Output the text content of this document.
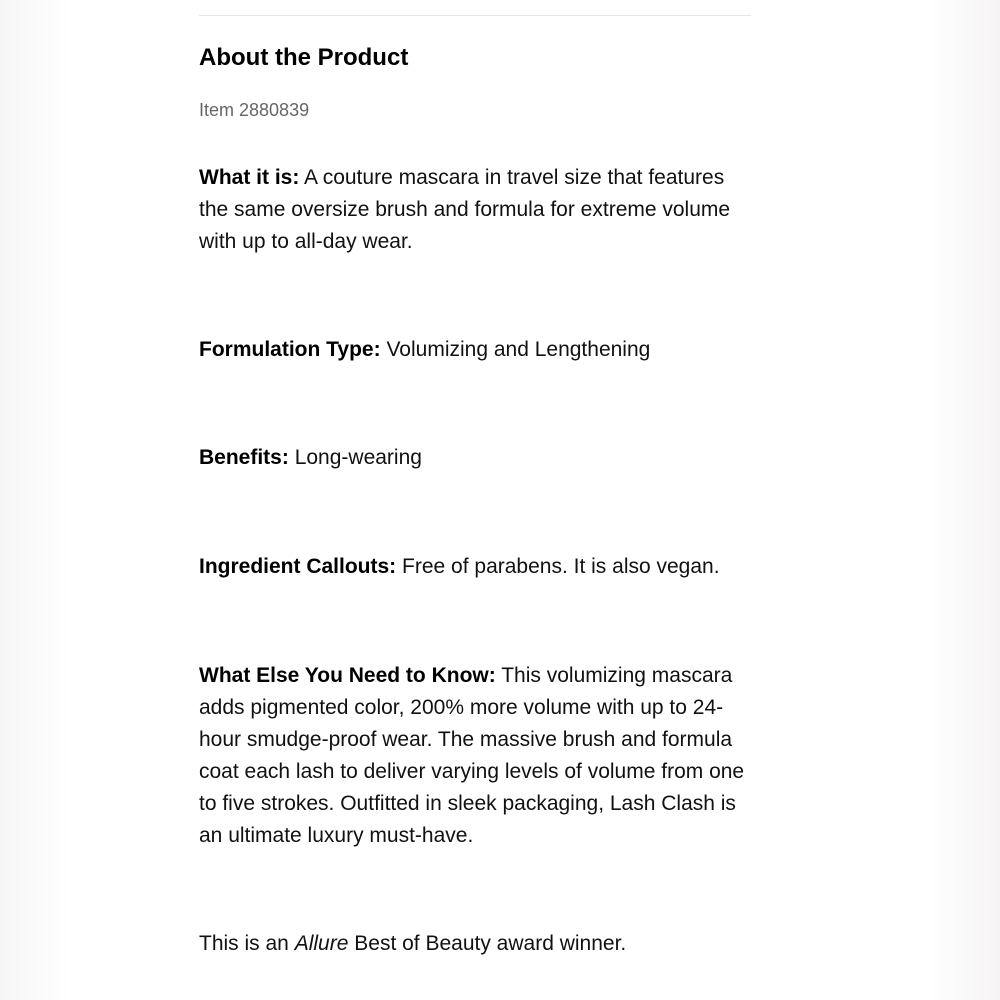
About the Product
Item 2880839

What it is: A couture mascara in travel size that features the same oversize brush and formula for extreme volume with up to all-day wear.

Formulation Type: Volumizing and Lengthening

Benefits: Long-wearing

Ingredient Callouts: Free of parabens. It is also vegan.

What Else You Need to Know: This volumizing mascara adds pigmented color, 200% more volume with up to 24-hour smudge-proof wear. The massive brush and formula coat each lash to deliver varying levels of volume from one to five strokes. Outfitted in sleek packaging, Lash Clash is an ultimate luxury must-have.

This is an Allure Best of Beauty award winner.
